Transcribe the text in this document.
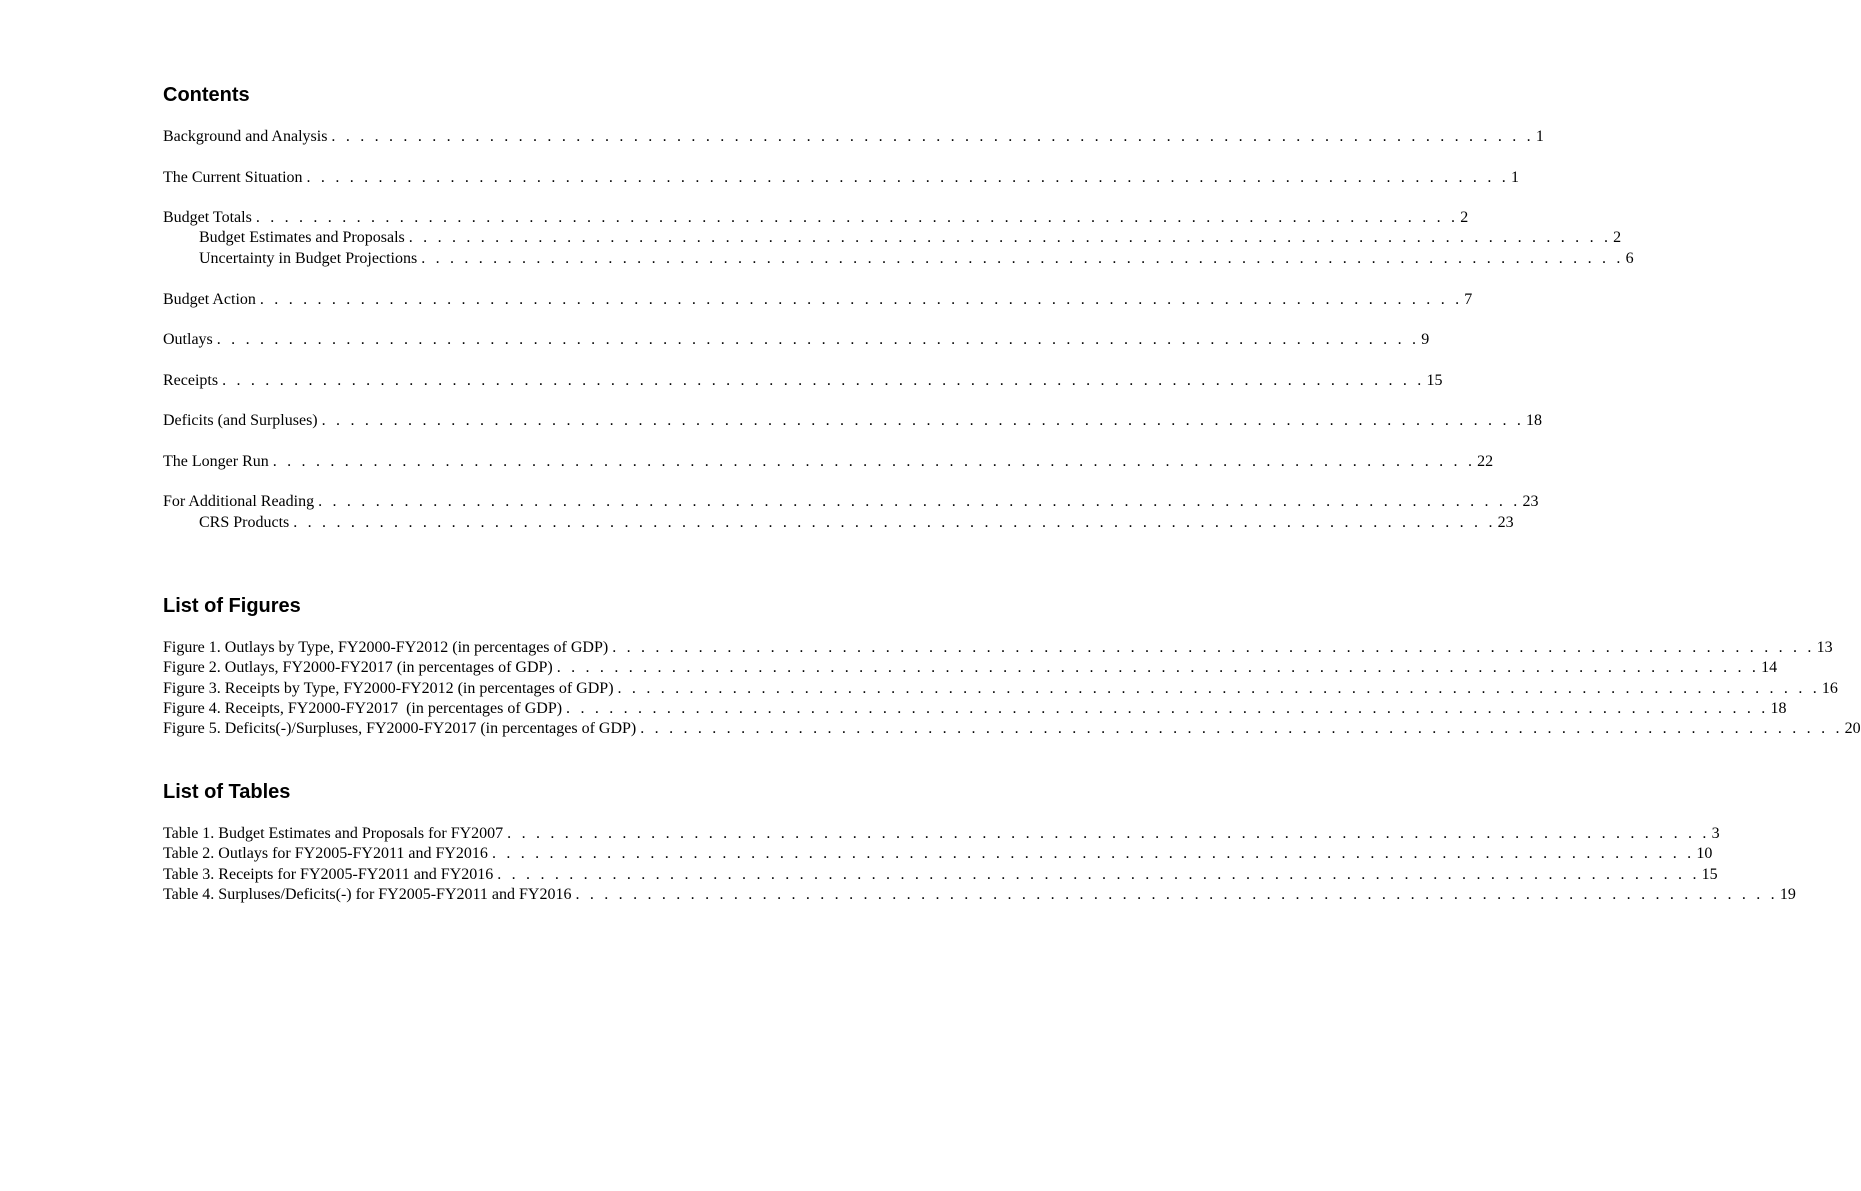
Contents
Background and Analysis . . . . . . . . . . . . . . . . . . . . . . . . . . . . . . . . . . . . . . . . . . . . . . . . . . . . . . . . . . . . . . . . . . . . . . . . . . . . . . . . . . . . 1
The Current Situation . . . . . . . . . . . . . . . . . . . . . . . . . . . . . . . . . . . . . . . . . . . . . . . . . . . . . . . . . . . . . . . . . . . . . . . . . . . . . . . . . . . . 1
Budget Totals . . . . . . . . . . . . . . . . . . . . . . . . . . . . . . . . . . . . . . . . . . . . . . . . . . . . . . . . . . . . . . . . . . . . . . . . . . . . . . . . . . . . 2
Budget Estimates and Proposals . . . . . . . . . . . . . . . . . . . . . . . . . . . . . . . . . . . . . . . . . . . . . . . . . . . . . . . . . . . . . . . . . . . . . . . . . . . . . . . . . . . . 2
Uncertainty in Budget Projections . . . . . . . . . . . . . . . . . . . . . . . . . . . . . . . . . . . . . . . . . . . . . . . . . . . . . . . . . . . . . . . . . . . . . . . . . . . . . . . . . . . . 6
Budget Action . . . . . . . . . . . . . . . . . . . . . . . . . . . . . . . . . . . . . . . . . . . . . . . . . . . . . . . . . . . . . . . . . . . . . . . . . . . . . . . . . . . . 7
Outlays . . . . . . . . . . . . . . . . . . . . . . . . . . . . . . . . . . . . . . . . . . . . . . . . . . . . . . . . . . . . . . . . . . . . . . . . . . . . . . . . . . . . 9
Receipts . . . . . . . . . . . . . . . . . . . . . . . . . . . . . . . . . . . . . . . . . . . . . . . . . . . . . . . . . . . . . . . . . . . . . . . . . . . . . . . . . . . . 15
Deficits (and Surpluses) . . . . . . . . . . . . . . . . . . . . . . . . . . . . . . . . . . . . . . . . . . . . . . . . . . . . . . . . . . . . . . . . . . . . . . . . . . . . . . . . . . . . 18
The Longer Run . . . . . . . . . . . . . . . . . . . . . . . . . . . . . . . . . . . . . . . . . . . . . . . . . . . . . . . . . . . . . . . . . . . . . . . . . . . . . . . . . . . . 22
For Additional Reading . . . . . . . . . . . . . . . . . . . . . . . . . . . . . . . . . . . . . . . . . . . . . . . . . . . . . . . . . . . . . . . . . . . . . . . . . . . . . . . . . . . . 23
CRS Products . . . . . . . . . . . . . . . . . . . . . . . . . . . . . . . . . . . . . . . . . . . . . . . . . . . . . . . . . . . . . . . . . . . . . . . . . . . . . . . . . . . . 23
List of Figures
Figure 1. Outlays by Type, FY2000-FY2012 (in percentages of GDP) . . . . . . . . . . . . . . . . . . . . . . . . . . . . . . . . . . . . . . . . . . . . . . . . . . . . . . . . . . . . . . . . . . . . . . . . . . . . . . . . . . . . 13
Figure 2. Outlays, FY2000-FY2017 (in percentages of GDP) . . . . . . . . . . . . . . . . . . . . . . . . . . . . . . . . . . . . . . . . . . . . . . . . . . . . . . . . . . . . . . . . . . . . . . . . . . . . . . . . . . . . 14
Figure 3. Receipts by Type, FY2000-FY2012 (in percentages of GDP) . . . . . . . . . . . . . . . . . . . . . . . . . . . . . . . . . . . . . . . . . . . . . . . . . . . . . . . . . . . . . . . . . . . . . . . . . . . . . . . . . . . . 16
Figure 4. Receipts, FY2000-FY2017  (in percentages of GDP) . . . . . . . . . . . . . . . . . . . . . . . . . . . . . . . . . . . . . . . . . . . . . . . . . . . . . . . . . . . . . . . . . . . . . . . . . . . . . . . . . . . . 18
Figure 5. Deficits(-)/Surpluses, FY2000-FY2017 (in percentages of GDP) . . . . . . . . . . . . . . . . . . . . . . . . . . . . . . . . . . . . . . . . . . . . . . . . . . . . . . . . . . . . . . . . . . . . . . . . . . . . . . . . . . . . 20
List of Tables
Table 1. Budget Estimates and Proposals for FY2007 . . . . . . . . . . . . . . . . . . . . . . . . . . . . . . . . . . . . . . . . . . . . . . . . . . . . . . . . . . . . . . . . . . . . . . . . . . . . . . . . . . . . 3
Table 2. Outlays for FY2005-FY2011 and FY2016 . . . . . . . . . . . . . . . . . . . . . . . . . . . . . . . . . . . . . . . . . . . . . . . . . . . . . . . . . . . . . . . . . . . . . . . . . . . . . . . . . . . . 10
Table 3. Receipts for FY2005-FY2011 and FY2016 . . . . . . . . . . . . . . . . . . . . . . . . . . . . . . . . . . . . . . . . . . . . . . . . . . . . . . . . . . . . . . . . . . . . . . . . . . . . . . . . . . . . 15
Table 4. Surpluses/Deficits(-) for FY2005-FY2011 and FY2016 . . . . . . . . . . . . . . . . . . . . . . . . . . . . . . . . . . . . . . . . . . . . . . . . . . . . . . . . . . . . . . . . . . . . . . . . . . . . . . . . . . . . 19
